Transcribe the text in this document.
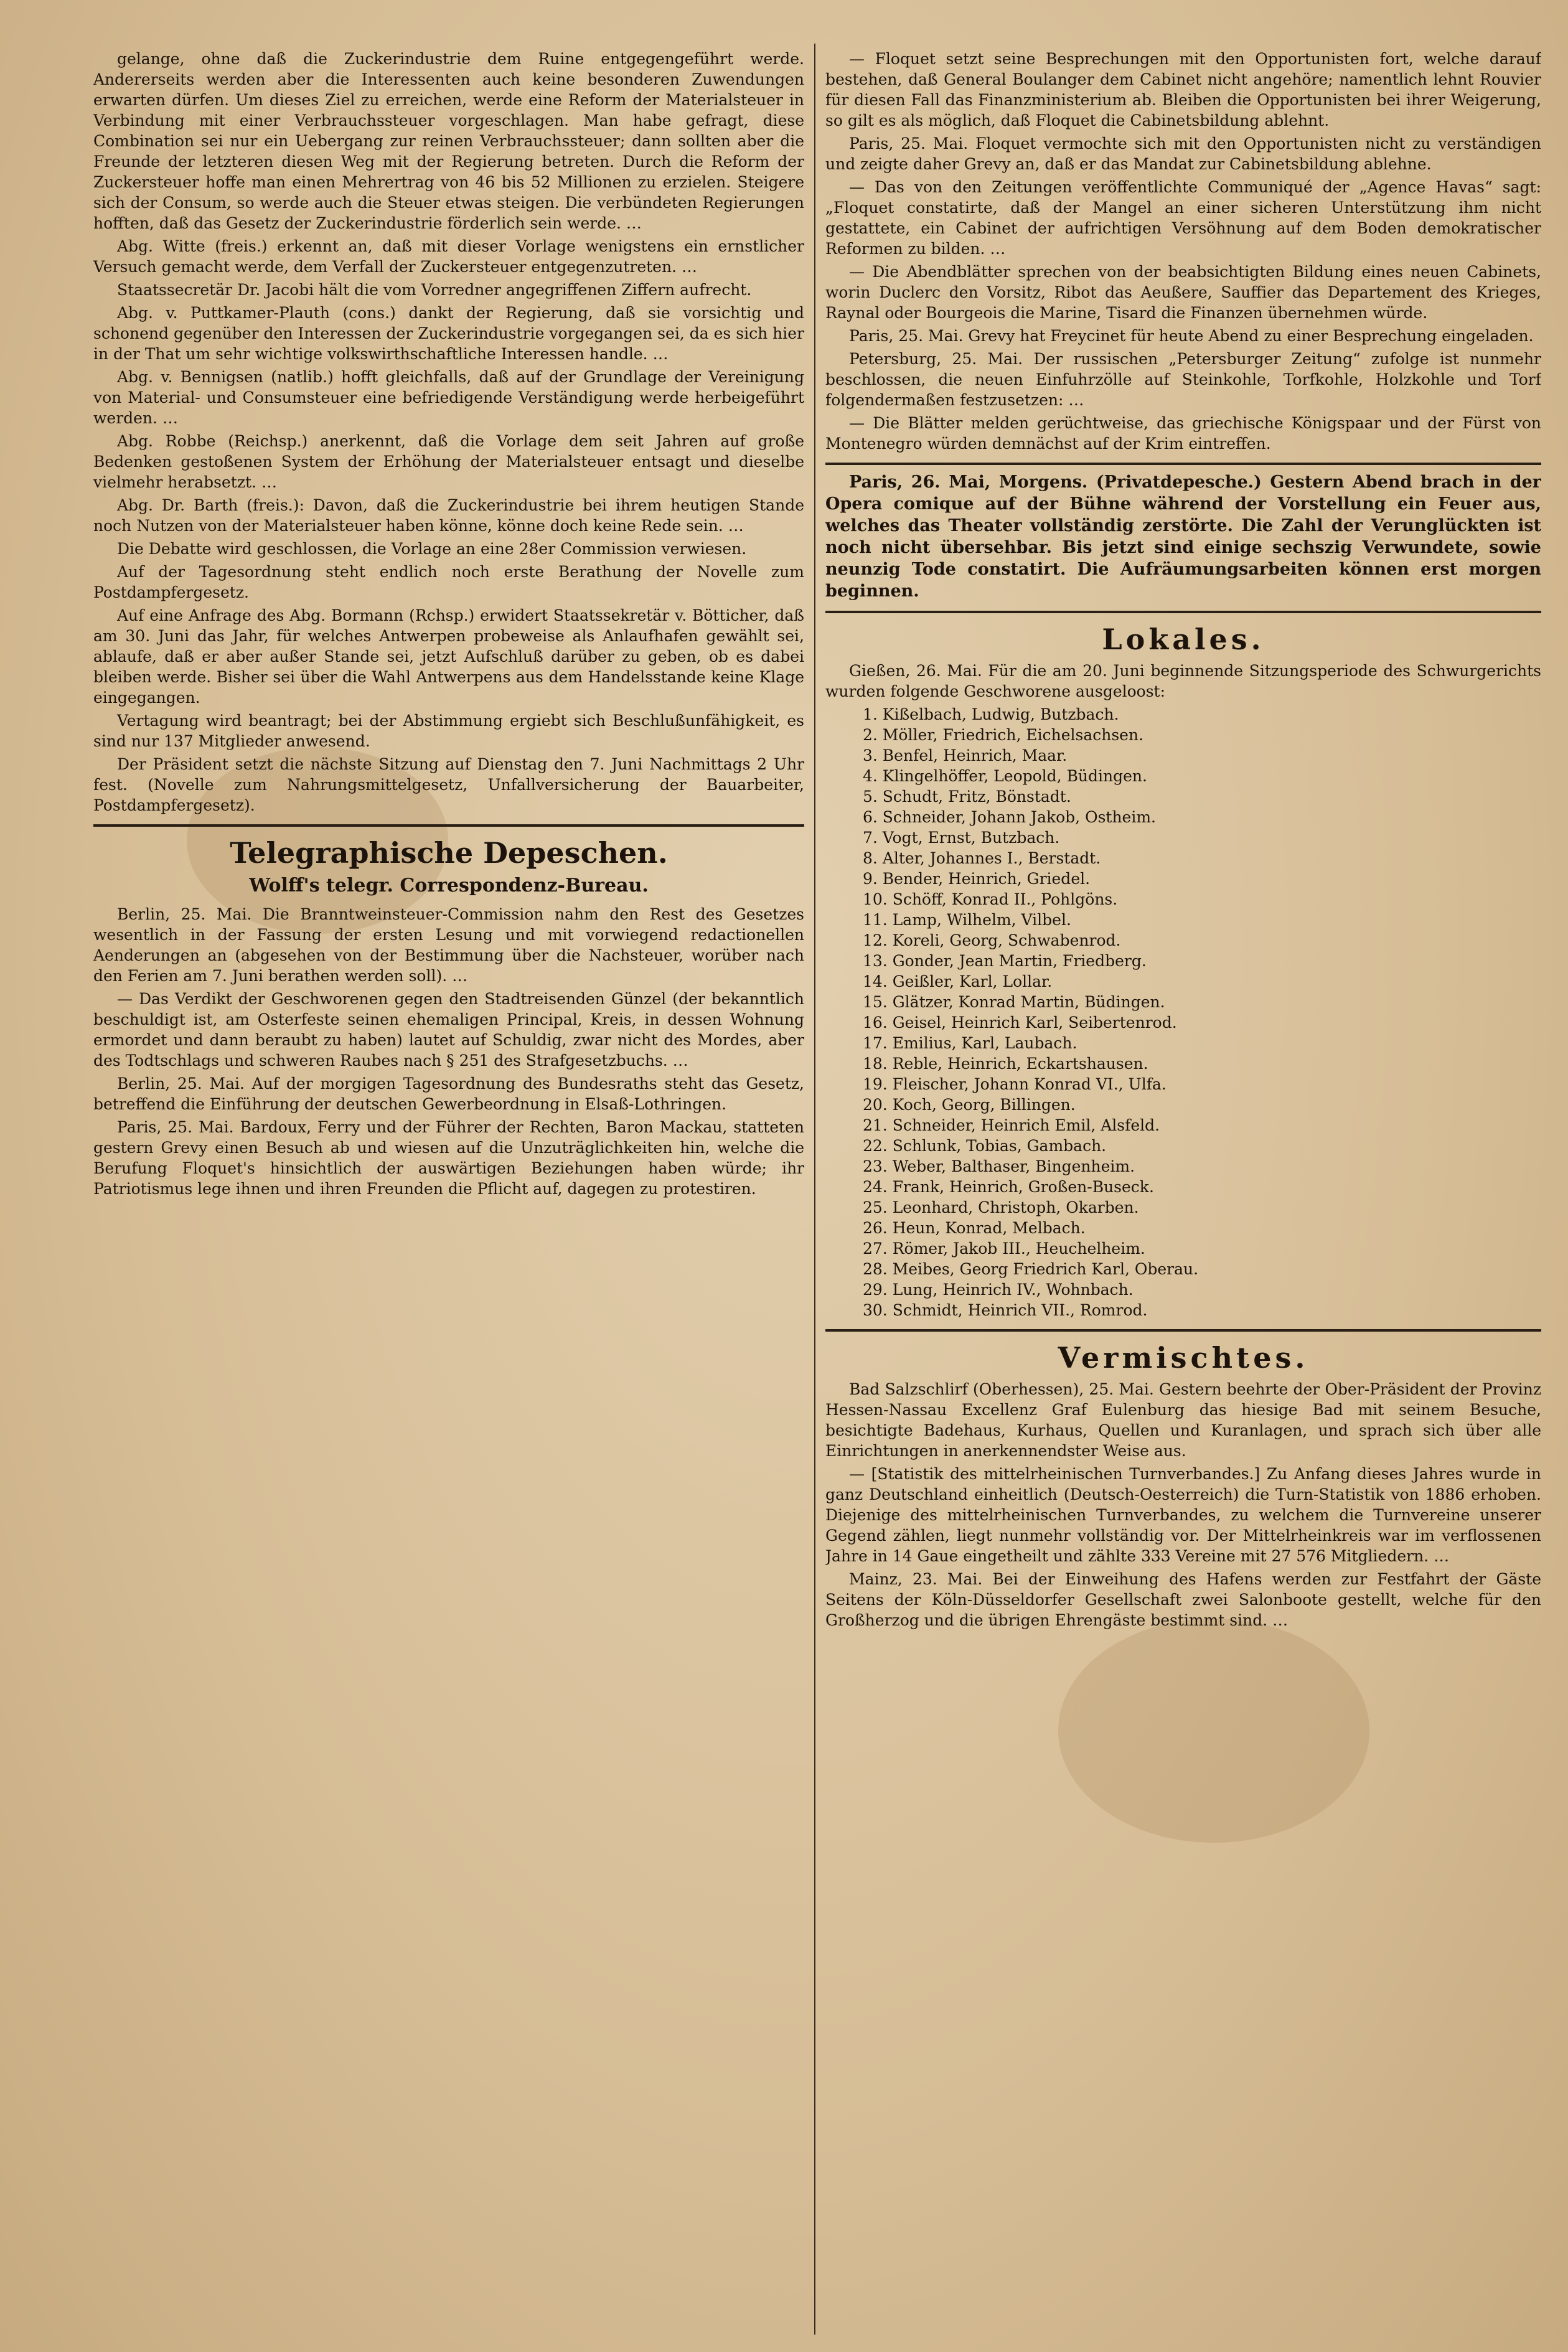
gelange, ohne daß die Zuckerindustrie dem Ruine entgegengeführt werde. Andererseits werden aber die Interessenten auch keine besonderen Zuwendungen erwarten dürfen. Um dieses Ziel zu erreichen, werde eine Reform der Materialsteuer in Verbindung mit einer Verbrauchssteuer vorgeschlagen. Man habe gefragt, diese Combination sei nur ein Uebergang zur reinen Verbrauchssteuer; dann sollten aber die Freunde der letzteren diesen Weg mit der Regierung betreten. Durch die Reform der Zuckersteuer hoffe man einen Mehrertrag von 46 bis 52 Millionen zu erzielen. Steigere sich der Consum, so werde auch die Steuer etwas steigen. Die verbündeten Regierungen hofften, daß das Gesetz der Zuckerindustrie förderlich sein werde. …

Abg. Witte (freis.) erkennt an, daß mit dieser Vorlage wenigstens ein ernstlicher Versuch gemacht werde, dem Verfall der Zuckersteuer entgegenzutreten. …

Staatssecretär Dr. Jacobi hält die vom Vorredner angegriffenen Ziffern aufrecht.

Abg. v. Puttkamer-Plauth (cons.) dankt der Regierung, daß sie vorsichtig und schonend gegenüber den Interessen der Zuckerindustrie vorgegangen sei, da es sich hier in der That um sehr wichtige volkswirthschaftliche Interessen handle. …

Abg. v. Bennigsen (natlib.) hofft gleichfalls, daß auf der Grundlage der Vereinigung von Material- und Consumsteuer eine befriedigende Verständigung werde herbeigeführt werden. …

Abg. Robbe (Reichsp.) anerkennt, daß die Vorlage dem seit Jahren auf große Bedenken gestoßenen System der Erhöhung der Materialsteuer entsagt und dieselbe vielmehr herabsetzt. …

Abg. Dr. Barth (freis.): Davon, daß die Zuckerindustrie bei ihrem heutigen Stande noch Nutzen von der Materialsteuer haben könne, könne doch keine Rede sein. …

Die Debatte wird geschlossen, die Vorlage an eine 28er Commission verwiesen.

Auf der Tagesordnung steht endlich noch erste Berathung der Novelle zum Postdampfergesetz.

Auf eine Anfrage des Abg. Bormann (Rchsp.) erwidert Staatssekretär v. Bötticher, daß am 30. Juni das Jahr, für welches Antwerpen probeweise als Anlaufhafen gewählt sei, ablaufe, daß er aber außer Stande sei, jetzt Aufschluß darüber zu geben, ob es dabei bleiben werde. Bisher sei über die Wahl Antwerpens aus dem Handelsstande keine Klage eingegangen.

Vertagung wird beantragt; bei der Abstimmung ergiebt sich Beschlußunfähigkeit, es sind nur 137 Mitglieder anwesend.

Der Präsident setzt die nächste Sitzung auf Dienstag den 7. Juni Nachmittags 2 Uhr fest. (Novelle zum Nahrungsmittelgesetz, Unfallversicherung der Bauarbeiter, Postdampfergesetz).

Telegraphische Depeschen.
Wolff's telegr. Correspondenz-Bureau.

Berlin, 25. Mai. Die Branntweinsteuer-Commission nahm den Rest des Gesetzes wesentlich in der Fassung der ersten Lesung und mit vorwiegend redactionellen Aenderungen an (abgesehen von der Bestimmung über die Nachsteuer, worüber nach den Ferien am 7. Juni berathen werden soll). …

— Das Verdikt der Geschworenen gegen den Stadtreisenden Günzel (der bekanntlich beschuldigt ist, am Osterfeste seinen ehemaligen Principal, Kreis, in dessen Wohnung ermordet und dann beraubt zu haben) lautet auf Schuldig, zwar nicht des Mordes, aber des Todtschlags und schweren Raubes nach § 251 des Strafgesetzbuchs. …

Berlin, 25. Mai. Auf der morgigen Tagesordnung des Bundesraths steht das Gesetz, betreffend die Einführung der deutschen Gewerbeordnung in Elsaß-Lothringen.

Paris, 25. Mai. Bardoux, Ferry und der Führer der Rechten, Baron Mackau, statteten gestern Grevy einen Besuch ab und wiesen auf die Unzuträglichkeiten hin, welche die Berufung Floquet's hinsichtlich der auswärtigen Beziehungen haben würde; ihr Patriotismus lege ihnen und ihren Freunden die Pflicht auf, dagegen zu protestiren.

— Floquet setzt seine Besprechungen mit den Opportunisten fort, welche darauf bestehen, daß General Boulanger dem Cabinet nicht angehöre; namentlich lehnt Rouvier für diesen Fall das Finanzministerium ab. Bleiben die Opportunisten bei ihrer Weigerung, so gilt es als möglich, daß Floquet die Cabinetsbildung ablehnt.

Paris, 25. Mai. Floquet vermochte sich mit den Opportunisten nicht zu verständigen und zeigte daher Grevy an, daß er das Mandat zur Cabinetsbildung ablehne.

— Das von den Zeitungen veröffentlichte Communiqué der „Agence Havas“ sagt: „Floquet constatirte, daß der Mangel an einer sicheren Unterstützung ihm nicht gestattete, ein Cabinet der aufrichtigen Versöhnung auf dem Boden demokratischer Reformen zu bilden. …

— Die Abendblätter sprechen von der beabsichtigten Bildung eines neuen Cabinets, worin Duclerc den Vorsitz, Ribot das Aeußere, Sauffier das Departement des Krieges, Raynal oder Bourgeois die Marine, Tisard die Finanzen übernehmen würde.

Paris, 25. Mai. Grevy hat Freycinet für heute Abend zu einer Besprechung eingeladen.

Petersburg, 25. Mai. Der russischen „Petersburger Zeitung“ zufolge ist nunmehr beschlossen, die neuen Einfuhrzölle auf Steinkohle, Torfkohle, Holzkohle und Torf folgendermaßen festzusetzen: …

— Die Blätter melden gerüchtweise, das griechische Königspaar und der Fürst von Montenegro würden demnächst auf der Krim eintreffen.

Paris, 26. Mai, Morgens. (Privatdepesche.) Gestern Abend brach in der Opera comique auf der Bühne während der Vorstellung ein Feuer aus, welches das Theater vollständig zerstörte. Die Zahl der Verunglückten ist noch nicht übersehbar. Bis jetzt sind einige sechszig Verwundete, sowie neunzig Tode constatirt. Die Aufräumungsarbeiten können erst morgen beginnen.

Lokales.

Gießen, 26. Mai. Für die am 20. Juni beginnende Sitzungsperiode des Schwurgerichts wurden folgende Geschworene ausgeloost:

1. Kißelbach, Ludwig, Butzbach.
2. Möller, Friedrich, Eichelsachsen.
3. Benfel, Heinrich, Maar.
4. Klingelhöffer, Leopold, Büdingen.
5. Schudt, Fritz, Bönstadt.
6. Schneider, Johann Jakob, Ostheim.
7. Vogt, Ernst, Butzbach.
8. Alter, Johannes I., Berstadt.
9. Bender, Heinrich, Griedel.
10. Schöff, Konrad II., Pohlgöns.
11. Lamp, Wilhelm, Vilbel.
12. Koreli, Georg, Schwabenrod.
13. Gonder, Jean Martin, Friedberg.
14. Geißler, Karl, Lollar.
15. Glätzer, Konrad Martin, Büdingen.
16. Geisel, Heinrich Karl, Seibertenrod.
17. Emilius, Karl, Laubach.
18. Reble, Heinrich, Eckartshausen.
19. Fleischer, Johann Konrad VI., Ulfa.
20. Koch, Georg, Billingen.
21. Schneider, Heinrich Emil, Alsfeld.
22. Schlunk, Tobias, Gambach.
23. Weber, Balthaser, Bingenheim.
24. Frank, Heinrich, Großen-Buseck.
25. Leonhard, Christoph, Okarben.
26. Heun, Konrad, Melbach.
27. Römer, Jakob III., Heuchelheim.
28. Meibes, Georg Friedrich Karl, Oberau.
29. Lung, Heinrich IV., Wohnbach.
30. Schmidt, Heinrich VII., Romrod.
Vermischtes.

Bad Salzschlirf (Oberhessen), 25. Mai. Gestern beehrte der Ober-Präsident der Provinz Hessen-Nassau Excellenz Graf Eulenburg das hiesige Bad mit seinem Besuche, besichtigte Badehaus, Kurhaus, Quellen und Kuranlagen, und sprach sich über alle Einrichtungen in anerkennendster Weise aus.

— [Statistik des mittelrheinischen Turnverbandes.] Zu Anfang dieses Jahres wurde in ganz Deutschland einheitlich (Deutsch-Oesterreich) die Turn-Statistik von 1886 erhoben. Diejenige des mittelrheinischen Turnverbandes, zu welchem die Turnvereine unserer Gegend zählen, liegt nunmehr vollständig vor. Der Mittelrheinkreis war im verflossenen Jahre in 14 Gaue eingetheilt und zählte 333 Vereine mit 27 576 Mitgliedern. …

Mainz, 23. Mai. Bei der Einweihung des Hafens werden zur Festfahrt der Gäste Seitens der Köln-Düsseldorfer Gesellschaft zwei Salonboote gestellt, welche für den Großherzog und die übrigen Ehrengäste bestimmt sind. …
